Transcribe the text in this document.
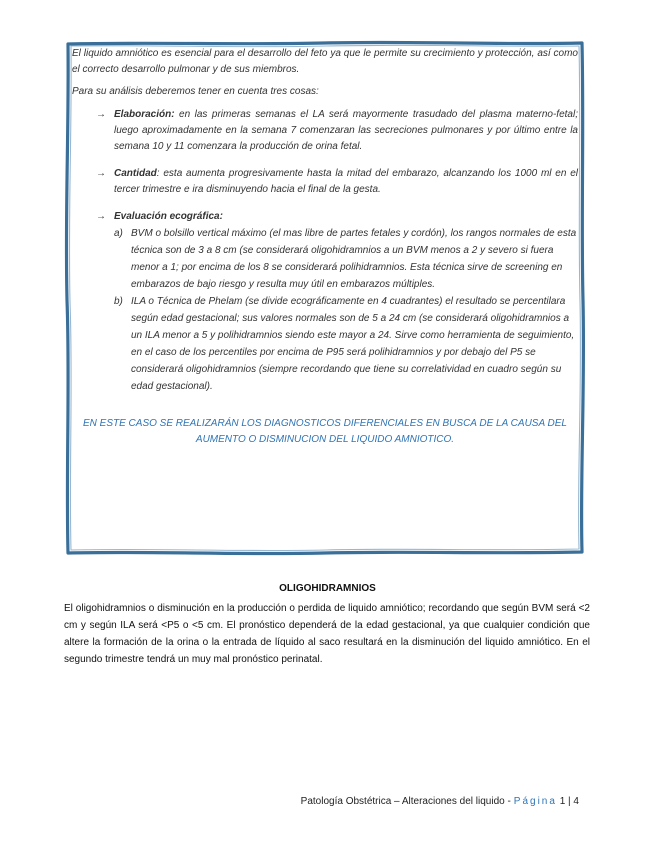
El liquido amniótico es esencial para el desarrollo del feto ya que le permite su crecimiento y protección, así como el correcto desarrollo pulmonar y de sus miembros.

Para su análisis deberemos tener en cuenta tres cosas:

→ Elaboración: en las primeras semanas el LA será mayormente trasudado del plasma materno-fetal; luego aproximadamente en la semana 7 comenzaran las secreciones pulmonares y por último entre la semana 10 y 11 comenzara la producción de orina fetal.

→ Cantidad: esta aumenta progresivamente hasta la mitad del embarazo, alcanzando los 1000 ml en el tercer trimestre e ira disminuyendo hacia el final de la gesta.

→ Evaluación ecográfica:

a) BVM o bolsillo vertical máximo (el mas libre de partes fetales y cordón), los rangos normales de esta técnica son de 3 a 8 cm (se considerará oligohidramnios a un BVM menos a 2 y severo si fuera menor a 1; por encima de los 8 se considerará polihidramnios. Esta técnica sirve de screening en embarazos de bajo riesgo y resulta muy útil en embarazos múltiples.

b) ILA o Técnica de Phelam (se divide ecográficamente en 4 cuadrantes) el resultado se percentilara según edad gestacional; sus valores normales son de 5 a 24 cm (se considerará oligohidramnios a un ILA menor a 5 y polihidramnios siendo este mayor a 24. Sirve como herramienta de seguimiento, en el caso de los percentiles por encima de P95 será polihidramnios y por debajo del P5 se considerará oligohidramnios (siempre recordando que tiene su correlatividad en cuadro según su edad gestacional).

EN ESTE CASO SE REALIZARÁN LOS DIAGNOSTICOS DIFERENCIALES EN BUSCA DE LA CAUSA DEL AUMENTO O DISMINUCION DEL LIQUIDO AMNIOTICO.

OLIGOHIDRAMNIOS

El oligohidramnios o disminución en la producción o perdida de liquido amniótico; recordando que según BVM será <2 cm y según ILA será <P5 o <5 cm. El pronóstico dependerá de la edad gestacional, ya que cualquier condición que altere la formación de la orina o la entrada de líquido al saco resultará en la disminución del liquido amniótico. En el segundo trimestre tendrá un muy mal pronóstico perinatal.

Patología Obstétrica – Alteraciones del liquido - Página 1 | 4
